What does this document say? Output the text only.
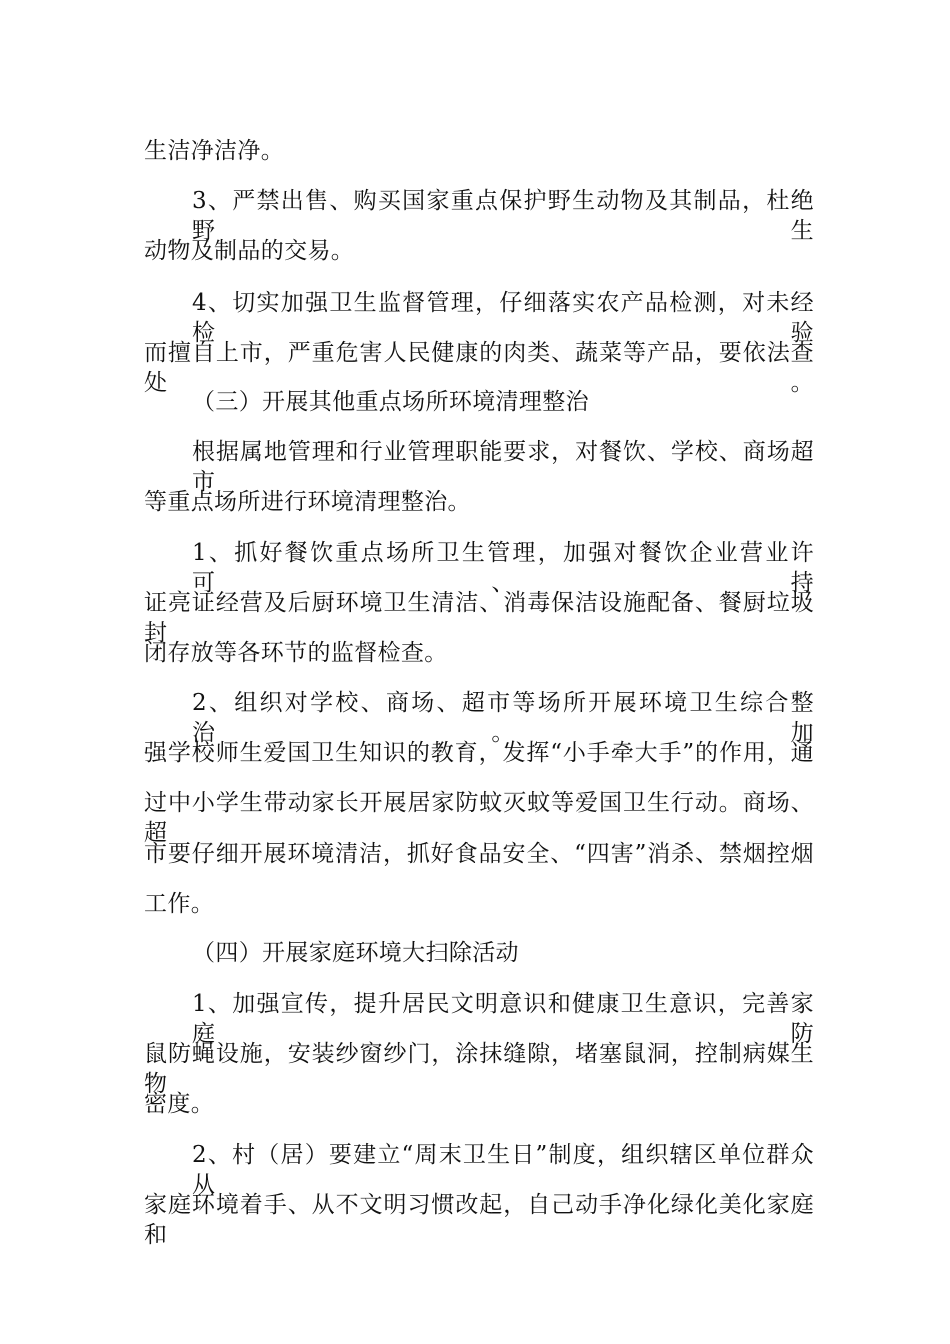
生洁净洁净。
3、严禁出售、购买国家重点保护野生动物及其制品，杜绝野生
动物及制品的交易。
4、切实加强卫生监督管理，仔细落实农产品检测，对未经检验
而擅自上市，严重危害人民健康的肉类、蔬菜等产品，要依法查处。
（三）开展其他重点场所环境清理整治
根据属地管理和行业管理职能要求，对餐饮、学校、商场超市
等重点场所进行环境清理整治。
1、抓好餐饮重点场所卫生管理，加强对餐饮企业营业许可、持
证亮证经营及后厨环境卫生清洁、消毒保洁设施配备、餐厨垃圾封
闭存放等各环节的监督检查。
2、组织对学校、商场、超市等场所开展环境卫生综合整治。加
强学校师生爱国卫生知识的教育，发挥“小手牵大手”的作用，通
过中小学生带动家长开展居家防蚊灭蚊等爱国卫生行动。商场、超
市要仔细开展环境清洁，抓好食品安全、“四害”消杀、禁烟控烟
工作。
（四）开展家庭环境大扫除活动
1、加强宣传，提升居民文明意识和健康卫生意识，完善家庭防
鼠防蝇设施，安装纱窗纱门，涂抹缝隙，堵塞鼠洞，控制病媒生物
密度。
2、村（居）要建立“周末卫生日”制度，组织辖区单位群众从
家庭环境着手、从不文明习惯改起，自己动手净化绿化美化家庭和
